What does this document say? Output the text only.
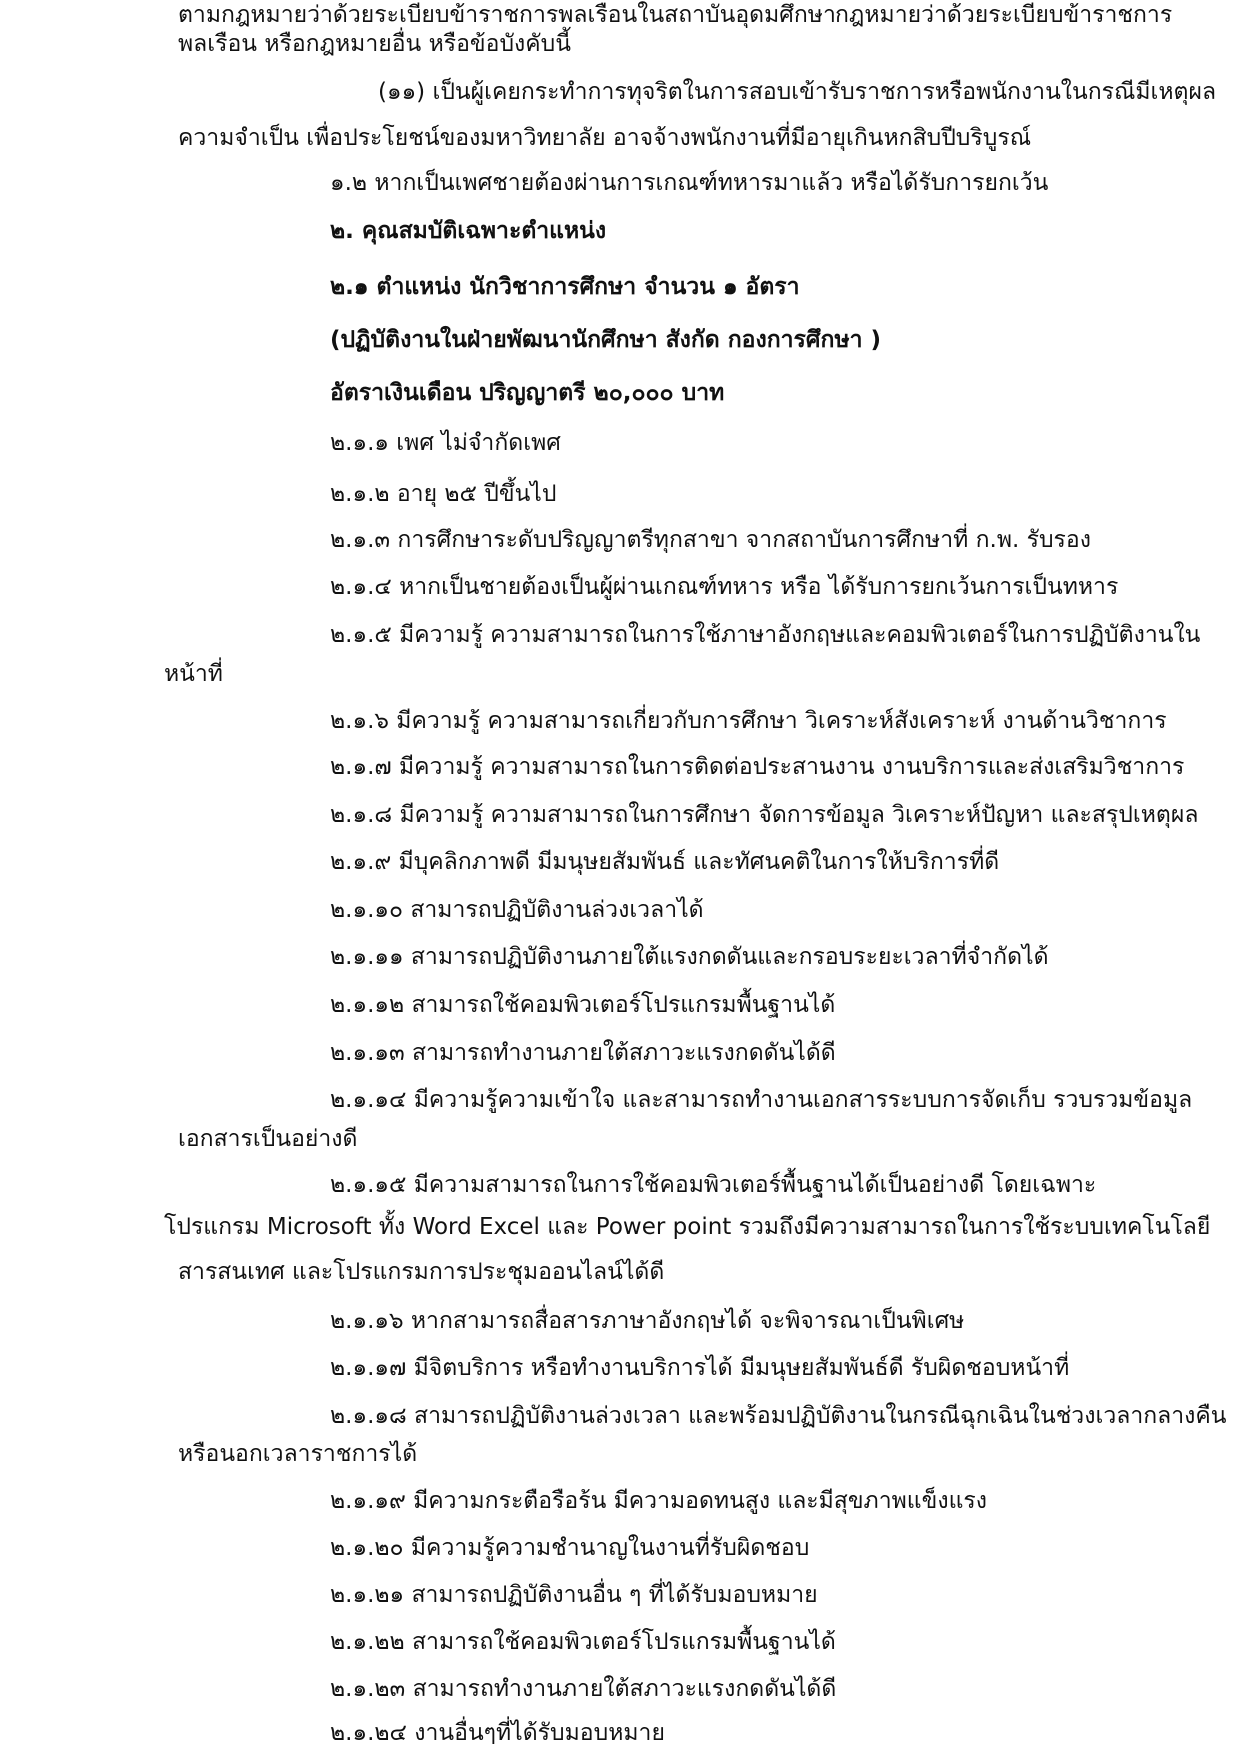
ตามกฎหมายว่าด้วยระเบียบข้าราชการพลเรือนในสถาบันอุดมศึกษา กฎหมายว่าด้วยระเบียบข้าราชการ

พลเรือน หรือกฎหมายอื่น หรือข้อบังคับนี้

(๑๑) เป็นผู้เคยกระทำการทุจริตในการสอบเข้ารับราชการหรือพนักงานในกรณีมีเหตุผล

ความจำเป็น เพื่อประโยชน์ของมหาวิทยาลัย อาจจ้างพนักงานที่มีอายุเกินหกสิบปีบริบูรณ์

๑.๒ หากเป็นเพศชายต้องผ่านการเกณฑ์ทหารมาแล้ว หรือได้รับการยกเว้น

๒. คุณสมบัติเฉพาะตำแหน่ง

๒.๑ ตำแหน่ง นักวิชาการศึกษา จำนวน ๑ อัตรา

(ปฏิบัติงานในฝ่ายพัฒนานักศึกษา สังกัด กองการศึกษา )

อัตราเงินเดือน ปริญญาตรี ๒๐,๐๐๐ บาท

๒.๑.๑ เพศ ไม่จำกัดเพศ

๒.๑.๒ อายุ ๒๕ ปีขึ้นไป

๒.๑.๓ การศึกษาระดับปริญญาตรีทุกสาขา จากสถาบันการศึกษาที่ ก.พ. รับรอง

๒.๑.๔ หากเป็นชายต้องเป็นผู้ผ่านเกณฑ์ทหาร หรือ ได้รับการยกเว้นการเป็นทหาร

๒.๑.๕ มีความรู้ ความสามารถในการใช้ภาษาอังกฤษและคอมพิวเตอร์ในการปฏิบัติงานใน

หน้าที่

๒.๑.๖ มีความรู้ ความสามารถเกี่ยวกับการศึกษา วิเคราะห์สังเคราะห์ งานด้านวิชาการ

๒.๑.๗ มีความรู้ ความสามารถในการติดต่อประสานงาน งานบริการและส่งเสริมวิชาการ

๒.๑.๘ มีความรู้ ความสามารถในการศึกษา จัดการข้อมูล วิเคราะห์ปัญหา และสรุปเหตุผล

๒.๑.๙ มีบุคลิกภาพดี มีมนุษยสัมพันธ์ และทัศนคติในการให้บริการที่ดี

๒.๑.๑๐ สามารถปฏิบัติงานล่วงเวลาได้

๒.๑.๑๑ สามารถปฏิบัติงานภายใต้แรงกดดันและกรอบระยะเวลาที่จำกัดได้

๒.๑.๑๒ สามารถใช้คอมพิวเตอร์โปรแกรมพื้นฐานได้

๒.๑.๑๓ สามารถทำงานภายใต้สภาวะแรงกดดันได้ดี

๒.๑.๑๔ มีความรู้ความเข้าใจ และสามารถทำงานเอกสารระบบการจัดเก็บ รวบรวมข้อมูล

เอกสารเป็นอย่างดี

๒.๑.๑๕ มีความสามารถในการใช้คอมพิวเตอร์พื้นฐานได้เป็นอย่างดี โดยเฉพาะ

โปรแกรม Microsoft ทั้ง Word Excel และ Power point รวมถึงมีความสามารถในการใช้ระบบเทคโนโลยี

สารสนเทศ และโปรแกรมการประชุมออนไลน์ได้ดี

๒.๑.๑๖ หากสามารถสื่อสารภาษาอังกฤษได้ จะพิจารณาเป็นพิเศษ

๒.๑.๑๗ มีจิตบริการ หรือทำงานบริการได้ มีมนุษยสัมพันธ์ดี รับผิดชอบหน้าที่

๒.๑.๑๘ สามารถปฏิบัติงานล่วงเวลา และพร้อมปฏิบัติงานในกรณีฉุกเฉินในช่วงเวลากลางคืน

หรือนอกเวลาราชการได้

๒.๑.๑๙ มีความกระตือรือร้น มีความอดทนสูง และมีสุขภาพแข็งแรง

๒.๑.๒๐ มีความรู้ความชำนาญในงานที่รับผิดชอบ

๒.๑.๒๑ สามารถปฏิบัติงานอื่น ๆ ที่ได้รับมอบหมาย

๒.๑.๒๒ สามารถใช้คอมพิวเตอร์โปรแกรมพื้นฐานได้

๒.๑.๒๓ สามารถทำงานภายใต้สภาวะแรงกดดันได้ดี

๒.๑.๒๔ งานอื่นๆที่ได้รับมอบหมาย
